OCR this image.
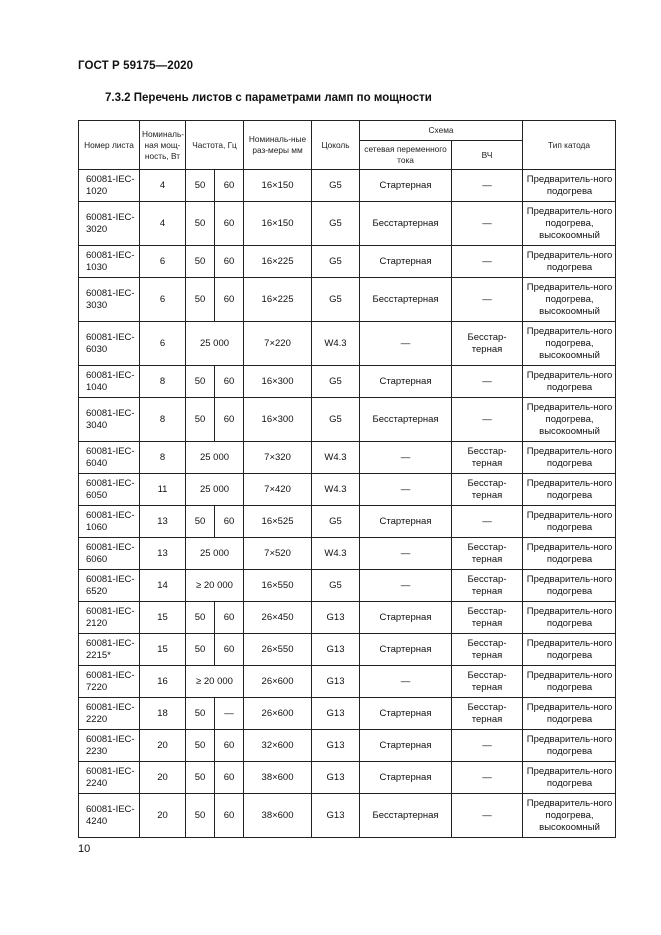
ГОСТ Р 59175—2020
7.3.2 Перечень листов с параметрами ламп по мощности
Номер листа	Номиналь-ная мощ-ность, Вт	Частота, Гц		Номиналь-ные раз-меры мм	Цоколь	Схема		Тип катода
						сетевая переменного тока	ВЧ	
60081-IEC-1020	4	50	60	16×150	G5	Стартерная	—	Предваритель-ного подогрева
60081-IEC-3020	4	50	60	16×150	G5	Бесстартерная	—	Предваритель-ного подогрева, высокоомный
60081-IEC-1030	6	50	60	16×225	G5	Стартерная	—	Предваритель-ного подогрева
60081-IEC-3030	6	50	60	16×225	G5	Бесстартерная	—	Предваритель-ного подогрева, высокоомный
60081-IEC-6030	6	25 000		7×220	W4.3	—	Бесстар-терная	Предваритель-ного подогрева, высокоомный
60081-IEC-1040	8	50	60	16×300	G5	Стартерная	—	Предваритель-ного подогрева
60081-IEC-3040	8	50	60	16×300	G5	Бесстартерная	—	Предваритель-ного подогрева, высокоомный
60081-IEC-6040	8	25 000		7×320	W4.3	—	Бесстар-терная	Предваритель-ного подогрева
60081-IEC-6050	11	25 000		7×420	W4.3	—	Бесстар-терная	Предваритель-ного подогрева
60081-IEC-1060	13	50	60	16×525	G5	Стартерная	—	Предваритель-ного подогрева
60081-IEC-6060	13	25 000		7×520	W4.3	—	Бесстар-терная	Предваритель-ного подогрева
60081-IEC-6520	14	≥ 20 000		16×550	G5	—	Бесстар-терная	Предваритель-ного подогрева
60081-IEC-2120	15	50	60	26×450	G13	Стартерная	Бесстар-терная	Предваритель-ного подогрева
60081-IEC-2215*	15	50	60	26×550	G13	Стартерная	Бесстар-терная	Предваритель-ного подогрева
60081-IEC-7220	16	≥ 20 000		26×600	G13	—	Бесстар-терная	Предваритель-ного подогрева
60081-IEC-2220	18	50	—	26×600	G13	Стартерная	Бесстар-терная	Предваритель-ного подогрева
60081-IEC-2230	20	50	60	32×600	G13	Стартерная	—	Предваритель-ного подогрева
60081-IEC-2240	20	50	60	38×600	G13	Стартерная	—	Предваритель-ного подогрева
60081-IEC-4240	20	50	60	38×600	G13	Бесстартерная	—	Предваритель-ного подогрева, высокоомный
10
